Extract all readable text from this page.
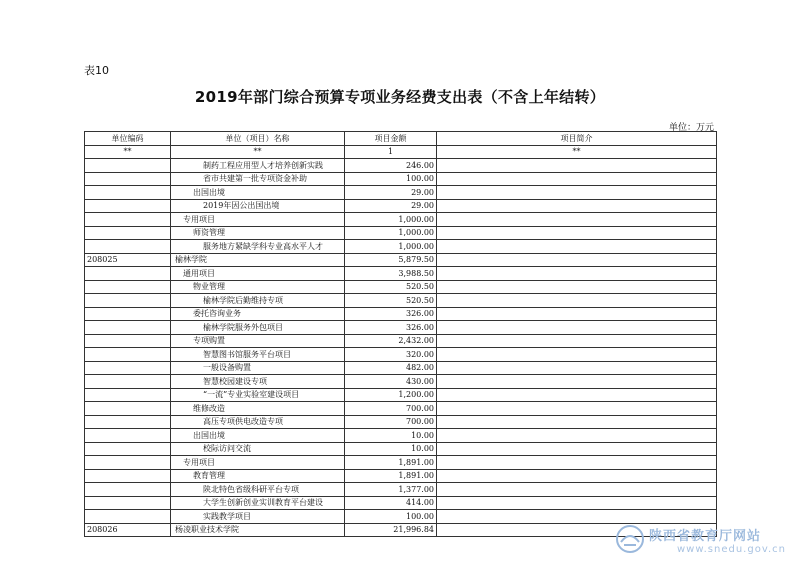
表10
2019年部门综合预算专项业务经费支出表（不含上年结转）
单位：万元
单位编码	单位（项目）名称	项目金额	项目简介
**	**	1	**
	制药工程应用型人才培养创新实践	246.00	
	省市共建第一批专项资金补助	100.00	
	出国出境	29.00	
	2019年因公出国出境	29.00	
	专用项目	1,000.00	
	师资管理	1,000.00	
	服务地方紧缺学科专业高水平人才	1,000.00	
208025	榆林学院	5,879.50	
	通用项目	3,988.50	
	物业管理	520.50	
	榆林学院后勤维持专项	520.50	
	委托咨询业务	326.00	
	榆林学院服务外包项目	326.00	
	专项购置	2,432.00	
	智慧图书馆服务平台项目	320.00	
	一般设备购置	482.00	
	智慧校园建设专项	430.00	
	“一流”专业实验室建设项目	1,200.00	
	维修改造	700.00	
	高压专项供电改造专项	700.00	
	出国出境	10.00	
	校际访问交流	10.00	
	专用项目	1,891.00	
	教育管理	1,891.00	
	陕北特色省级科研平台专项	1,377.00	
	大学生创新创业实训教育平台建设	414.00	
	实践教学项目	100.00	
208026	杨凌职业技术学院	21,996.84		陕西省教育厅网站
www.snedu.gov.cn
